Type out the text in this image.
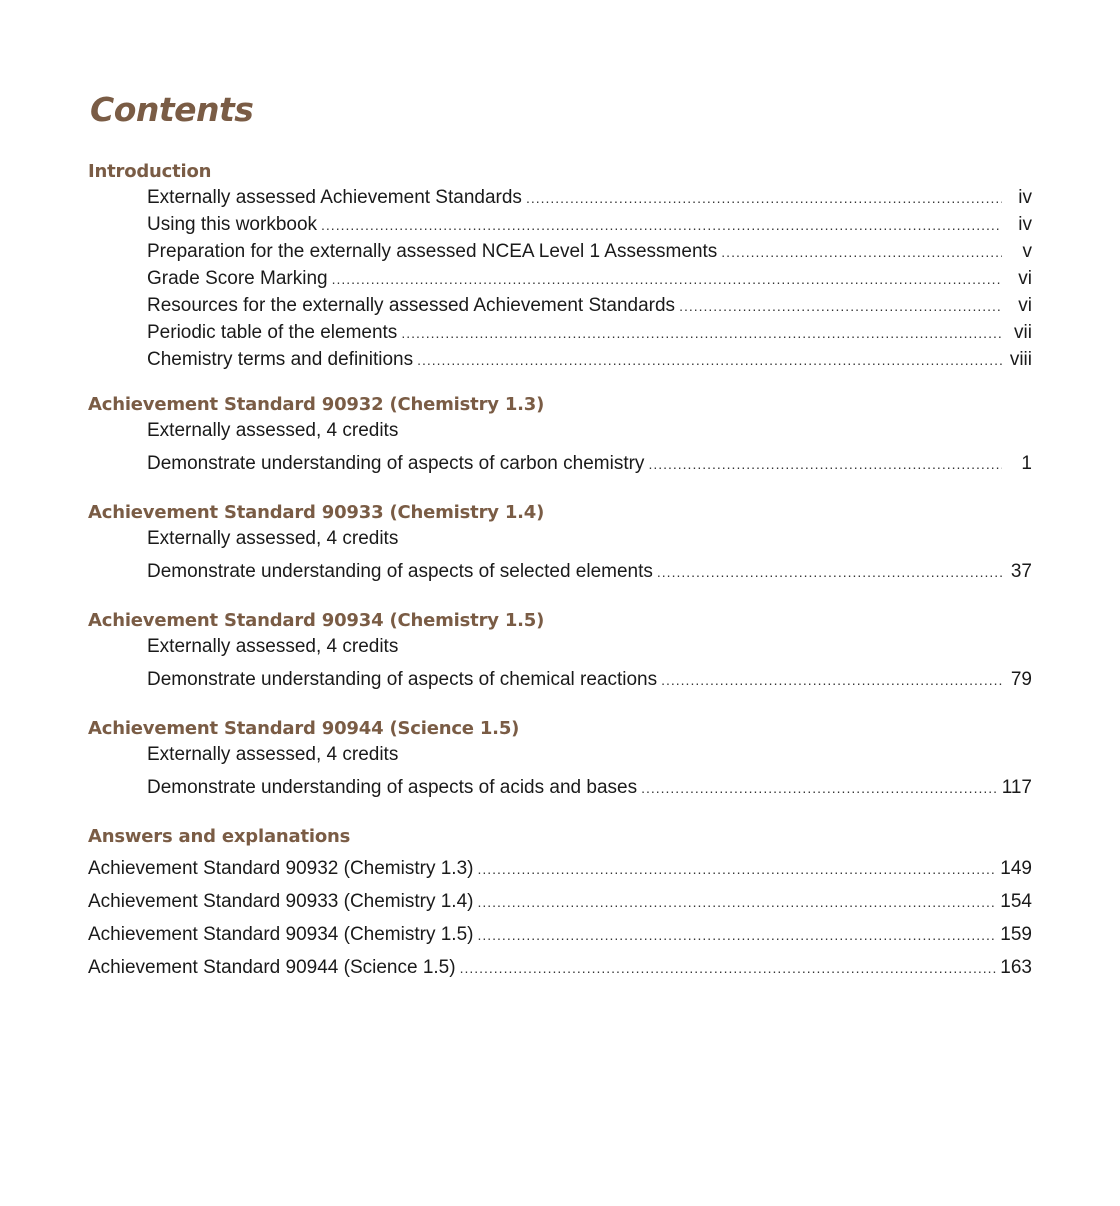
Contents
Introduction
Externally assessed Achievement Standards .....	iv
Using this workbook .....	iv
Preparation for the externally assessed NCEA Level 1 Assessments .....	v
Grade Score Marking .....	vi
Resources for the externally assessed Achievement Standards .....	vi
Periodic table of the elements .....	vii
Chemistry terms and definitions .....	viii
Achievement Standard 90932 (Chemistry 1.3)
Externally assessed, 4 credits
Demonstrate understanding of aspects of carbon chemistry .....	1
Achievement Standard 90933 (Chemistry 1.4)
Externally assessed, 4 credits
Demonstrate understanding of aspects of selected elements .....	37
Achievement Standard 90934 (Chemistry 1.5)
Externally assessed, 4 credits
Demonstrate understanding of aspects of chemical reactions .....	79
Achievement Standard 90944 (Science 1.5)
Externally assessed, 4 credits
Demonstrate understanding of aspects of acids and bases .....	117
Answers and explanations
Achievement Standard 90932 (Chemistry 1.3) .....	149
Achievement Standard 90933 (Chemistry 1.4) .....	154
Achievement Standard 90934 (Chemistry 1.5) .....	159
Achievement Standard 90944 (Science 1.5) .....	163
